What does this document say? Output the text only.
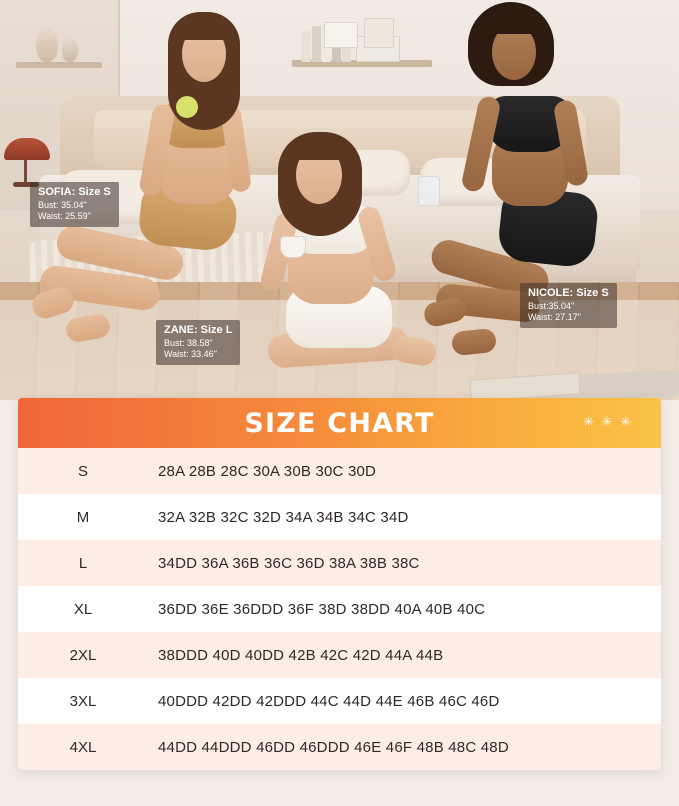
SOFIA: Size S
Bust: 35.04"
Waist: 25.59"
ZANE: Size L
Bust: 38.58"
Waist: 33.46"
NICOLE: Size S
Bust:35.04"
Waist: 27.17"
SIZE CHART	✳ ✳ ✳
S	28A 28B 28C 30A 30B 30C 30D
M	32A 32B 32C 32D 34A 34B 34C 34D
L	34DD 36A 36B 36C 36D 38A 38B 38C
XL	36DD 36E 36DDD 36F 38D 38DD 40A 40B 40C
2XL	38DDD 40D 40DD 42B 42C 42D 44A 44B
3XL	40DDD 42DD 42DDD 44C 44D 44E 46B 46C 46D
4XL	44DD 44DDD 46DD 46DDD 46E 46F 48B 48C 48D
